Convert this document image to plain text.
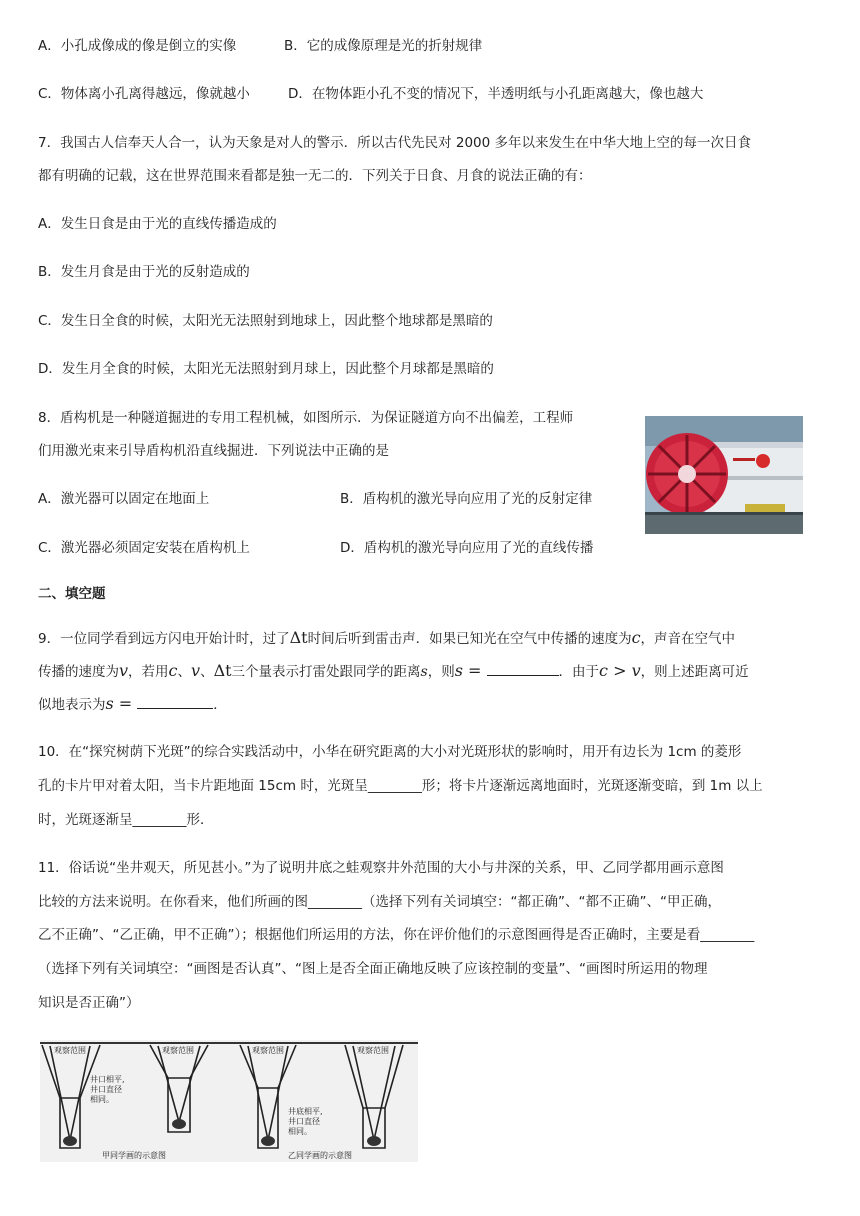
A．小孔成像成的像是倒立的实像	B．它的成像原理是光的折射规律
C．物体离小孔离得越远，像就越小	D．在物体距小孔不变的情况下，半透明纸与小孔距离越大，像也越大
7．我国古人信奉天人合一，认为天象是对人的警示．所以古代先民对 2000 多年以来发生在中华大地上空的每一次日食
都有明确的记载，这在世界范围来看都是独一无二的．下列关于日食、月食的说法正确的有：
A．发生日食是由于光的直线传播造成的
B．发生月食是由于光的反射造成的
C．发生日全食的时候，太阳光无法照射到地球上，因此整个地球都是黑暗的
D．发生月全食的时候，太阳光无法照射到月球上，因此整个月球都是黑暗的
8．盾构机是一种隧道掘进的专用工程机械，如图所示．为保证隧道方向不出偏差，工程师
们用激光束来引导盾构机沿直线掘进．下列说法中正确的是
A．激光器可以固定在地面上	B．盾构机的激光导向应用了光的反射定律
C．激光器必须固定安装在盾构机上	D．盾构机的激光导向应用了光的直线传播
二、填空题
9．一位同学看到远方闪电开始计时，过了Δt时间后听到雷击声．如果已知光在空气中传播的速度为c，声音在空气中
传播的速度为v，若用c、v、Δt三个量表示打雷处跟同学的距离s，则s =	．由于c > v，则上述距离可近
似地表示为s =	．
10．在“探究树荫下光斑”的综合实践活动中，小华在研究距离的大小对光斑形状的影响时，用开有边长为 1cm 的菱形
孔的卡片甲对着太阳，当卡片距地面 15cm 时，光斑呈________形；将卡片逐渐远离地面时，光斑逐渐变暗，到 1m 以上
时，光斑逐渐呈________形．
11．俗话说“坐井观天，所见甚小。”为了说明井底之蛙观察井外范围的大小与井深的关系，甲、乙同学都用画示意图
比较的方法来说明。在你看来，他们所画的图________（选择下列有关词填空：“都正确”、“都不正确”、“甲正确，
乙不正确”、“乙正确，甲不正确”）；根据他们所运用的方法，你在评价他们的示意图画得是否正确时，主要是看________
（选择下列有关词填空：“画图是否认真”、“图上是否全面正确地反映了应该控制的变量”、“画图时所运用的物理
知识是否正确”）
观察范围	观察范围	观察范围	观察范围
井口相平,
井口直径
相同。
井底相平,
井口直径
相同。
甲同学画的示意图	乙同学画的示意图
